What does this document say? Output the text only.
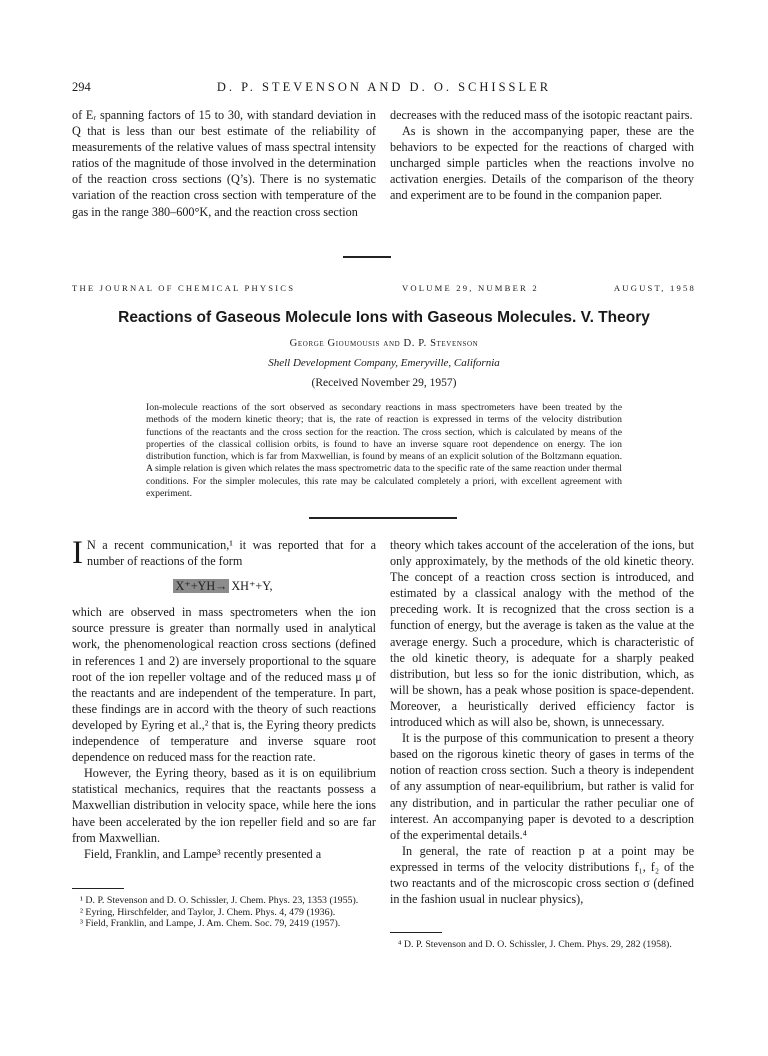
294	D. P. STEVENSON AND D. O. SCHISSLER

of Eᵣ spanning factors of 15 to 30, with standard deviation in Q that is less than our best estimate of the reliability of measurements of the relative values of mass spectral intensity ratios of the magnitude of those involved in the determination of the reaction cross sections (Q’s). There is no systematic variation of the reaction cross section with temperature of the gas in the range 380–600°K, and the reaction cross section

decreases with the reduced mass of the isotopic reactant pairs.

As is shown in the accompanying paper, these are the behaviors to be expected for the reactions of charged with uncharged simple particles when the reactions involve no activation energies. Details of the comparison of the theory and experiment are to be found in the companion paper.

THE JOURNAL OF CHEMICAL PHYSICS	VOLUME 29, NUMBER 2	AUGUST, 1958
Reactions of Gaseous Molecule Ions with Gaseous Molecules. V. Theory
George Gioumousis and D. P. Stevenson
Shell Development Company, Emeryville, California
(Received November 29, 1957)
Ion-molecule reactions of the sort observed as secondary reactions in mass spectrometers have been treated by the methods of the modern kinetic theory; that is, the rate of reaction is expressed in terms of the velocity distribution functions of the reactants and the cross section for the reaction. The cross section, which is calculated by means of the properties of the classical collision orbits, is found to have an inverse square root dependence on energy. The ion distribution function, which is far from Maxwellian, is found by means of an explicit solution of the Boltzmann equation. A simple relation is given which relates the mass spectrometric data to the specific rate of the same reaction under thermal conditions. For the simpler molecules, this rate may be calculated completely a priori, with excellent agreement with experiment.

I N a recent communication,¹ it was reported that for a number of reactions of the form

X⁺+YH→ XH⁺+Y,

which are observed in mass spectrometers when the ion source pressure is greater than normally used in analytical work, the phenomenological reaction cross sections (defined in references 1 and 2) are inversely proportional to the square root of the ion repeller voltage and of the reduced mass μ of the reactants and are independent of the temperature. In part, these findings are in accord with the theory of such reactions developed by Eyring et al.,² that is, the Eyring theory predicts independence of temperature and inverse square root dependence on reduced mass for the reaction rate.

However, the Eyring theory, based as it is on equilibrium statistical mechanics, requires that the reactants possess a Maxwellian distribution in velocity space, while here the ions have been accelerated by the ion repeller field and so are far from Maxwellian.

Field, Franklin, and Lampe³ recently presented a

¹ D. P. Stevenson and D. O. Schissler, J. Chem. Phys. 23, 1353 (1955).

² Eyring, Hirschfelder, and Taylor, J. Chem. Phys. 4, 479 (1936).

³ Field, Franklin, and Lampe, J. Am. Chem. Soc. 79, 2419 (1957).

theory which takes account of the acceleration of the ions, but only approximately, by the methods of the old kinetic theory. The concept of a reaction cross section is introduced, and estimated by a classical analogy with the method of the preceding work. It is recognized that the cross section is a function of energy, but the average is taken as the value at the average energy. Such a procedure, which is characteristic of the old kinetic theory, is adequate for a sharply peaked distribution, but less so for the ionic distribution, which, as will be shown, has a peak whose position is space-dependent. Moreover, a heuristically derived efficiency factor is introduced which as will also be, shown, is unnecessary.

It is the purpose of this communication to present a theory based on the rigorous kinetic theory of gases in terms of the notion of reaction cross section. Such a theory is independent of any assumption of near-equilibrium, but rather is valid for any distribution, and in particular the rather peculiar one of interest. An accompanying paper is devoted to a description of the experimental details.⁴

In general, the rate of reaction p at a point may be expressed in terms of the velocity distributions f₁, f₂ of the two reactants and of the microscopic cross section σ (defined in the fashion usual in nuclear physics),

⁴ D. P. Stevenson and D. O. Schissler, J. Chem. Phys. 29, 282 (1958).
